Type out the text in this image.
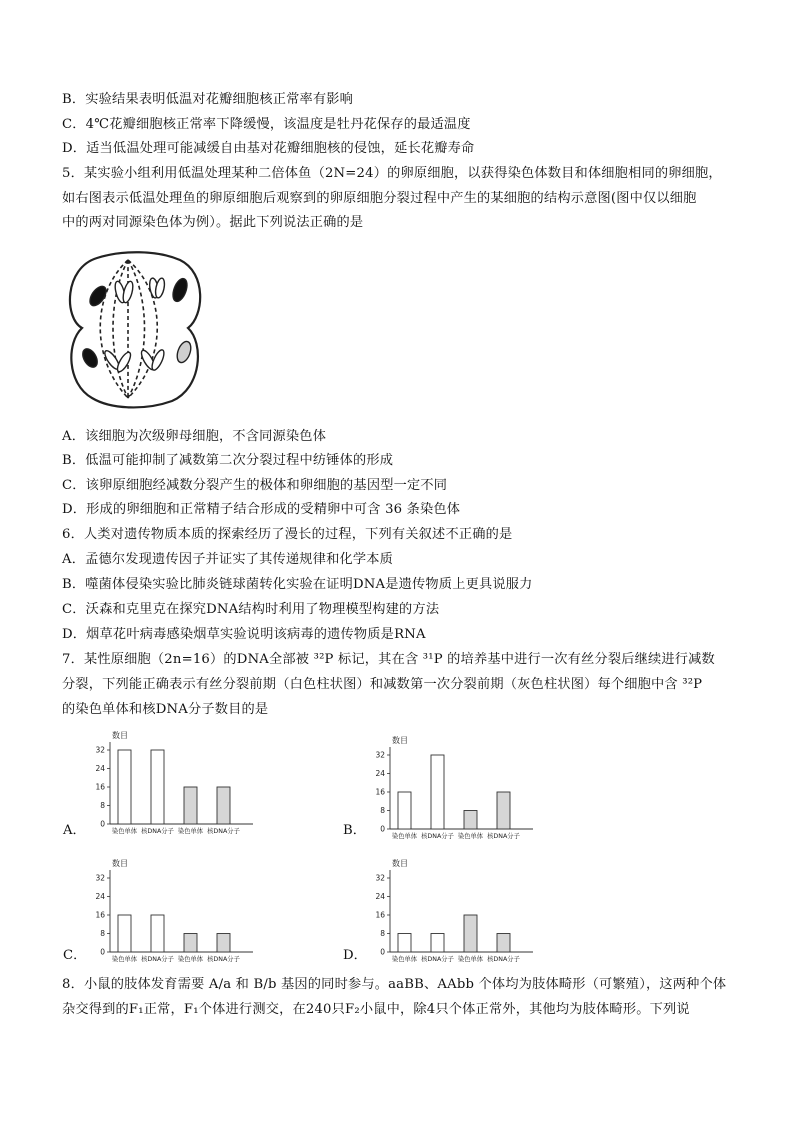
B．实验结果表明低温对花瓣细胞核正常率有影响
C．4℃花瓣细胞核正常率下降缓慢，该温度是牡丹花保存的最适温度
D．适当低温处理可能减缓自由基对花瓣细胞核的侵蚀，延长花瓣寿命
5．某实验小组利用低温处理某种二倍体鱼（2N=24）的卵原细胞，以获得染色体数目和体细胞相同的卵细胞，
如右图表示低温处理鱼的卵原细胞后观察到的卵原细胞分裂过程中产生的某细胞的结构示意图(图中仅以细胞
中的两对同源染色体为例）。据此下列说法正确的是
A．该细胞为次级卵母细胞，不含同源染色体
B．低温可能抑制了减数第二次分裂过程中纺锤体的形成
C．该卵原细胞经减数分裂产生的极体和卵细胞的基因型一定不同
D．形成的卵细胞和正常精子结合形成的受精卵中可含 36 条染色体
6．人类对遗传物质本质的探索经历了漫长的过程，下列有关叙述不正确的是
A．孟德尔发现遗传因子并证实了其传递规律和化学本质
B．噬菌体侵染实验比肺炎链球菌转化实验在证明DNA是遗传物质上更具说服力
C．沃森和克里克在探究DNA结构时利用了物理模型构建的方法
D．烟草花叶病毒感染烟草实验说明该病毒的遗传物质是RNA
7．某性原细胞（2n=16）的DNA全部被 ³²P 标记，其在含 ³¹P 的培养基中进行一次有丝分裂后继续进行减数
分裂，下列能正确表示有丝分裂前期（白色柱状图）和减数第一次分裂前期（灰色柱状图）每个细胞中含 ³²P
的染色单体和核DNA分子数目的是
数目
0
8
16
24
32
染色单体 核DNA分子 染色单体 核DNA分子
数目
0
8
16
24
32
染色单体 核DNA分子 染色单体 核DNA分子
数目
0
8
16
24
32
染色单体 核DNA分子 染色单体 核DNA分子
数目
0
8
16
24
32
染色单体 核DNA分子 染色单体 核DNA分子
A．	B．
C．	D．
8．小鼠的肢体发育需要 A/a 和 B/b 基因的同时参与。aaBB、AAbb 个体均为肢体畸形（可繁殖），这两种个体
杂交得到的F₁正常，F₁个体进行测交，在240只F₂小鼠中，除4只个体正常外，其他均为肢体畸形。下列说
